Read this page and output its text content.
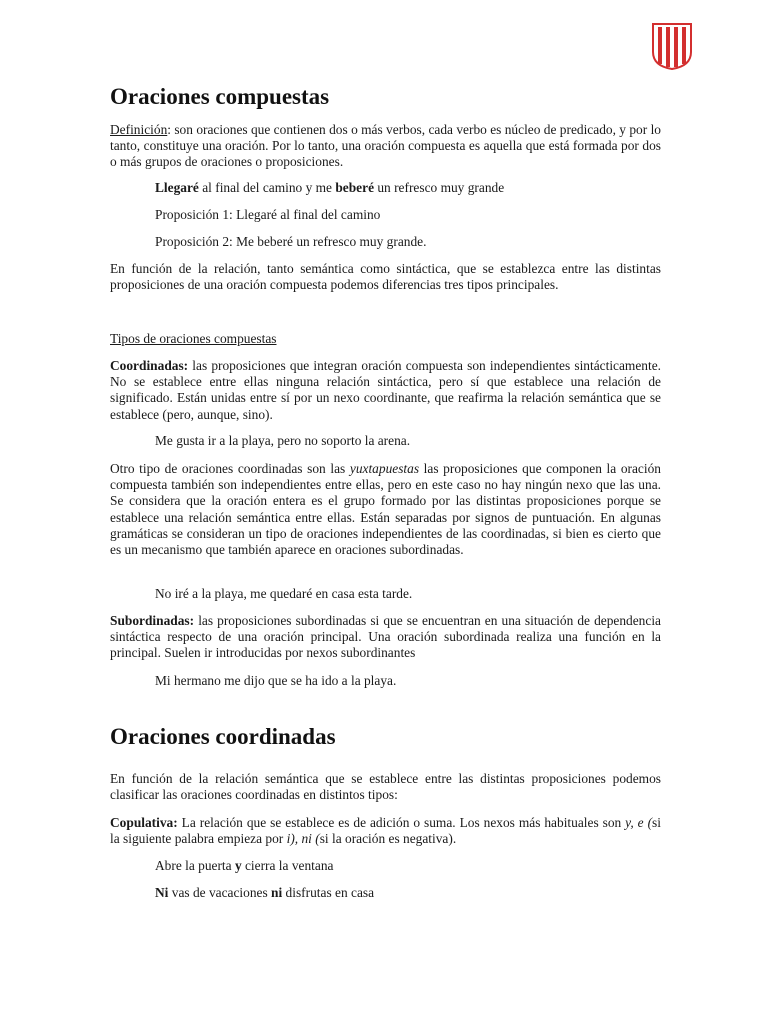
Oraciones compuestas

Definición: son oraciones que contienen dos o más verbos, cada verbo es núcleo de predicado, y por lo tanto, constituye una oración. Por lo tanto, una oración compuesta es aquella que está formada por dos o más grupos de oraciones o proposiciones.

Llegaré al final del camino y me beberé un refresco muy grande

Proposición 1: Llegaré al final del camino

Proposición 2: Me beberé un refresco muy grande.

En función de la relación, tanto semántica como sintáctica, que se establezca entre las distintas proposiciones de una oración compuesta podemos diferencias tres tipos principales.

Tipos de oraciones compuestas

Coordinadas: las proposiciones que integran oración compuesta son independientes sintácticamente. No se establece entre ellas ninguna relación sintáctica, pero sí que establece una relación de significado. Están unidas entre sí por un nexo coordinante, que reafirma la relación semántica que se establece (pero, aunque, sino).

Me gusta ir a la playa, pero no soporto la arena.

Otro tipo de oraciones coordinadas son las yuxtapuestas las proposiciones que componen la oración compuesta también son independientes entre ellas, pero en este caso no hay ningún nexo que las una. Se considera que la oración entera es el grupo formado por las distintas proposiciones porque se establece una relación semántica entre ellas. Están separadas por signos de puntuación. En algunas gramáticas se consideran un tipo de oraciones independientes de las coordinadas, si bien es cierto que es un mecanismo que también aparece en oraciones subordinadas.

No iré a la playa, me quedaré en casa esta tarde.

Subordinadas: las proposiciones subordinadas si que se encuentran en una situación de dependencia sintáctica respecto de una oración principal. Una oración subordinada realiza una función en la principal. Suelen ir introducidas por nexos subordinantes

Mi hermano me dijo que se ha ido a la playa.

Oraciones coordinadas

En función de la relación semántica que se establece entre las distintas proposiciones podemos clasificar las oraciones coordinadas en distintos tipos:

Copulativa: La relación que se establece es de adición o suma. Los nexos más habituales son y, e (si la siguiente palabra empieza por i), ni (si la oración es negativa).

Abre la puerta y cierra la ventana

Ni vas de vacaciones ni disfrutas en casa
